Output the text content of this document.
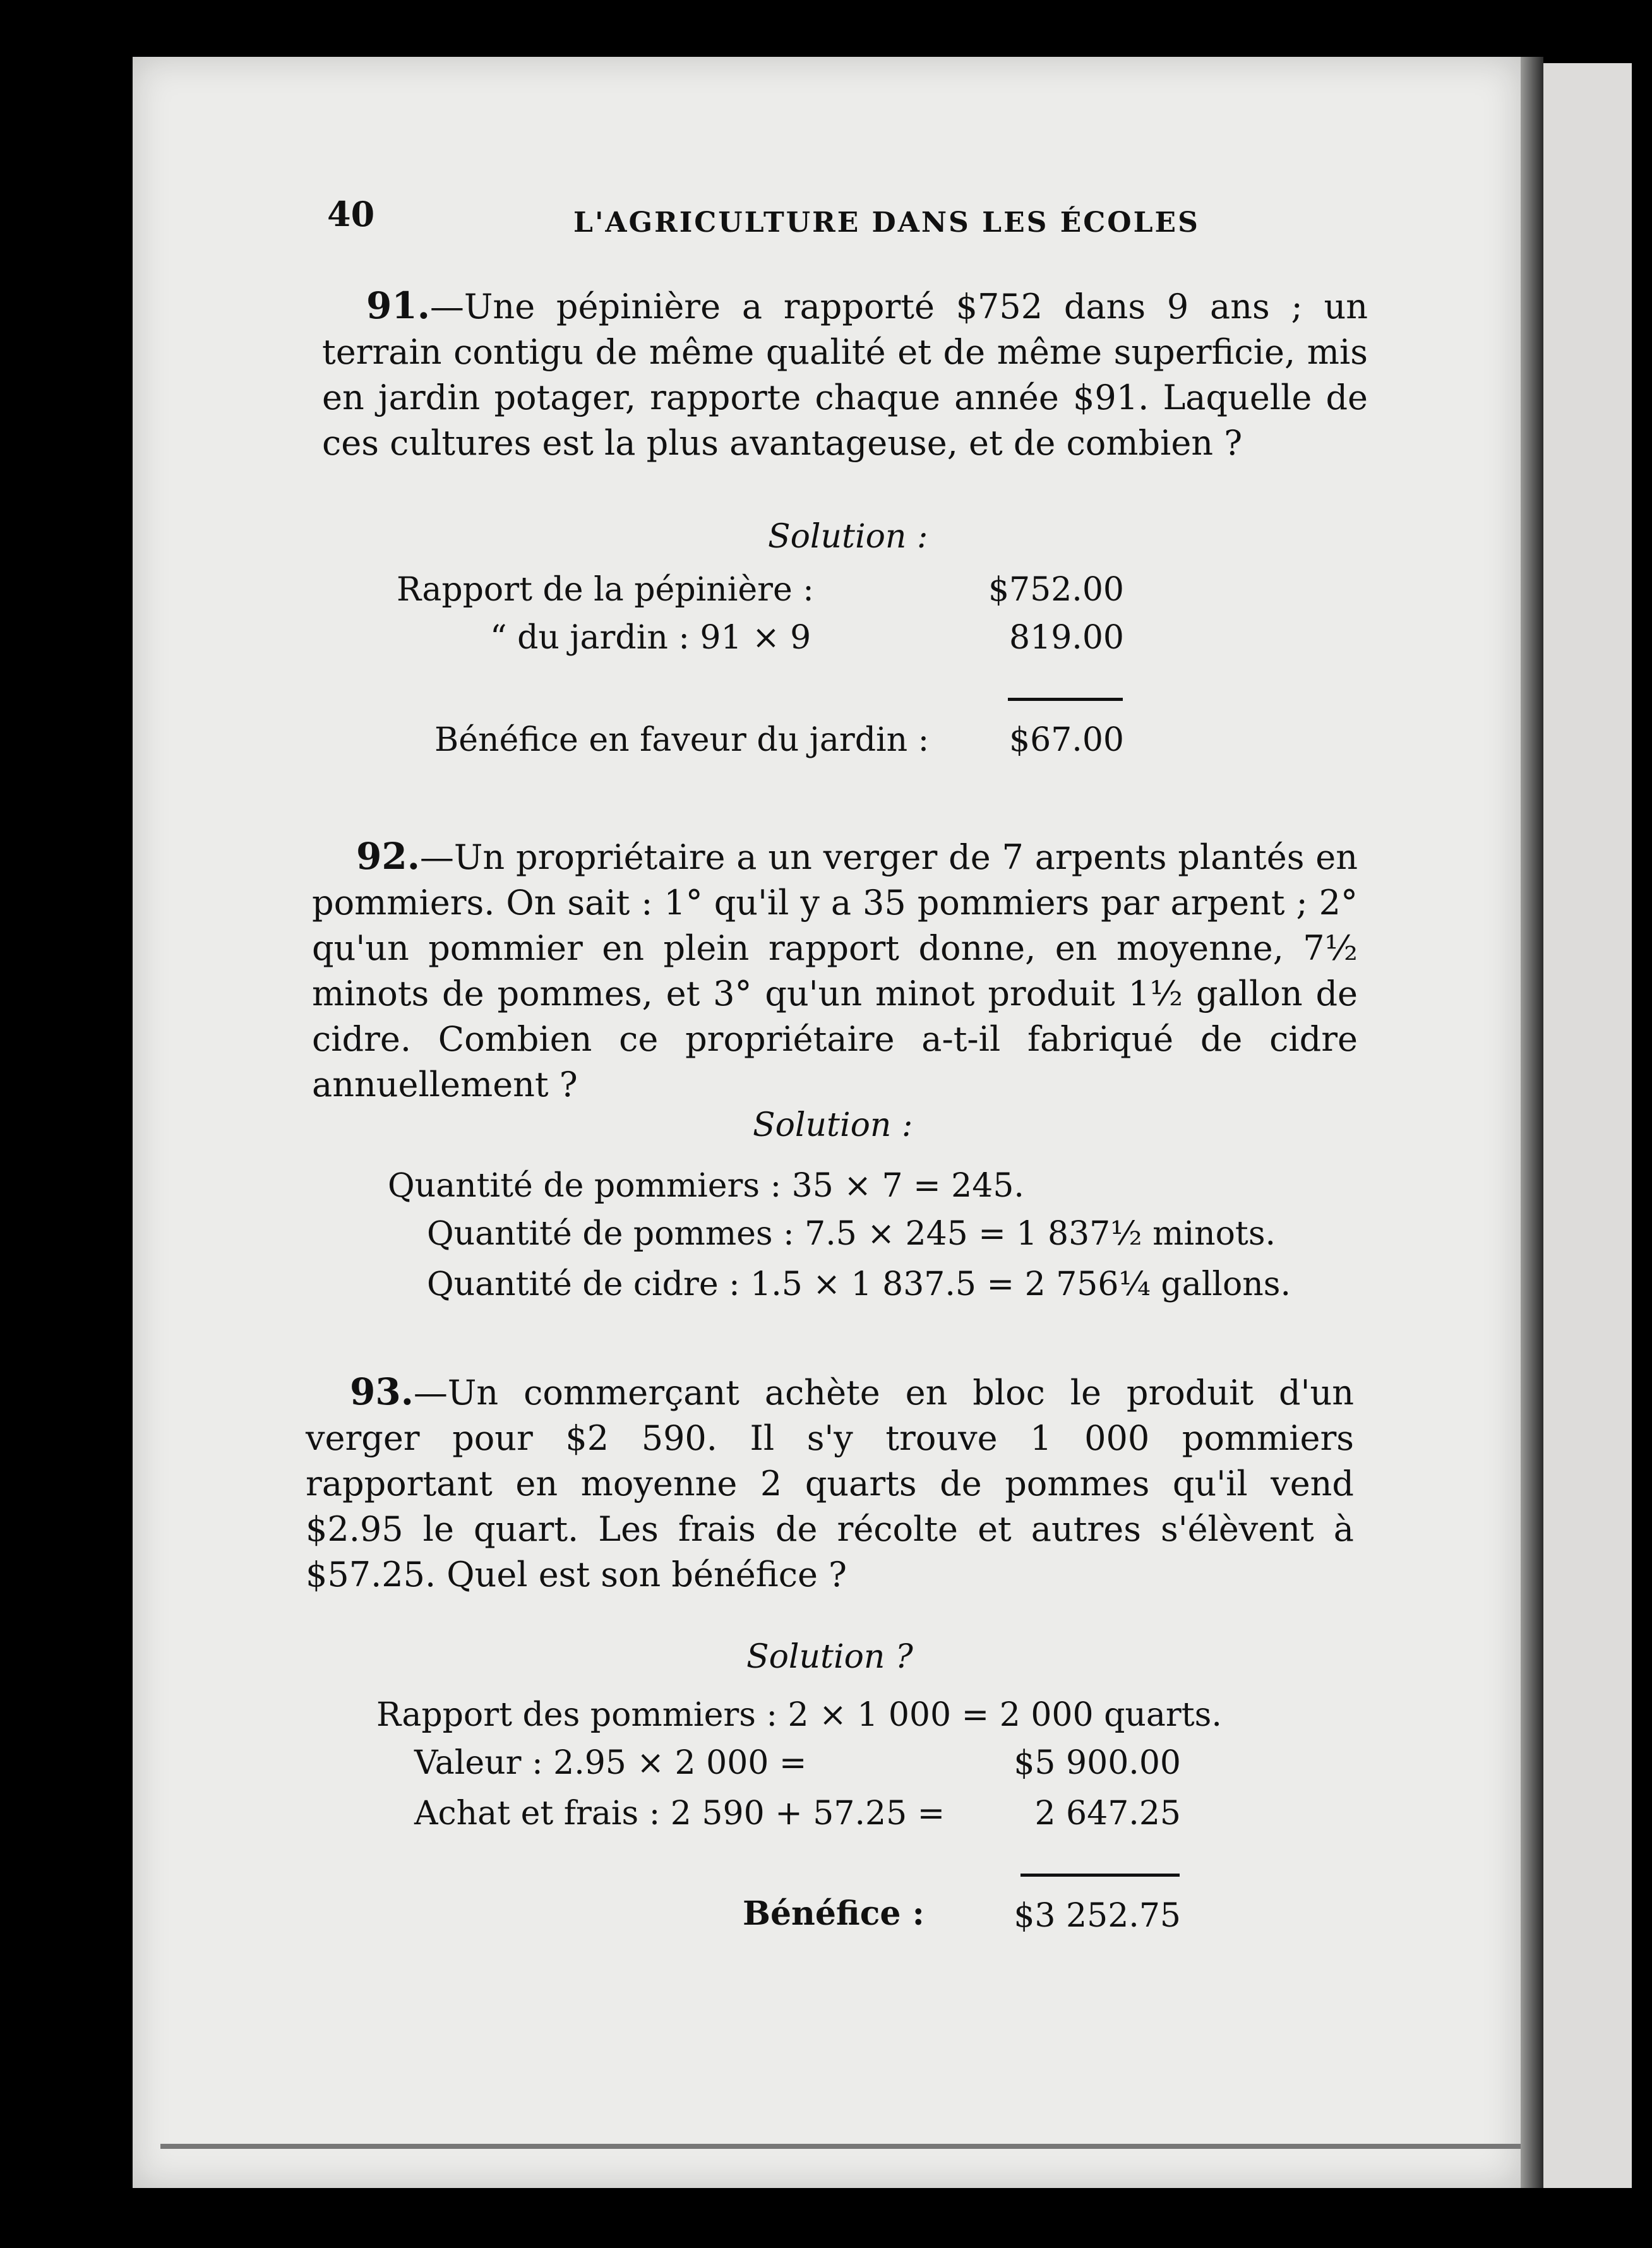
40	L'AGRICULTURE DANS LES ÉCOLES
91.—Une pépinière a rapporté $752 dans 9 ans ; un terrain contigu de même qualité et de même superficie, mis en jardin potager, rapporte chaque année $91. Laquelle de ces cultures est la plus avantageuse, et de combien ?
Solution :
Rapport de la pépinière :	$752.00
“ du jardin : 91 × 9	819.00
Bénéfice en faveur du jardin :	$67.00
92.—Un propriétaire a un verger de 7 arpents plantés en pommiers. On sait : 1° qu'il y a 35 pommiers par arpent ; 2° qu'un pommier en plein rapport donne, en moyenne, 7½ minots de pommes, et 3° qu'un minot produit 1½ gallon de cidre. Combien ce propriétaire a-t-il fabriqué de cidre annuellement ?
Solution :
Quantité de pommiers : 35 × 7 = 245.
Quantité de pommes : 7.5 × 245 = 1 837½ minots.
Quantité de cidre : 1.5 × 1 837.5 = 2 756¼ gallons.
93.—Un commerçant achète en bloc le produit d'un verger pour $2 590. Il s'y trouve 1 000 pommiers rapportant en moyenne 2 quarts de pommes qu'il vend $2.95 le quart. Les frais de récolte et autres s'élèvent à $57.25. Quel est son bénéfice ?
Solution ?
Rapport des pommiers : 2 × 1 000 = 2 000 quarts.
Valeur : 2.95 × 2 000 =	$5 900.00
Achat et frais : 2 590 + 57.25 =	2 647.25
Bénéfice :	$3 252.75
